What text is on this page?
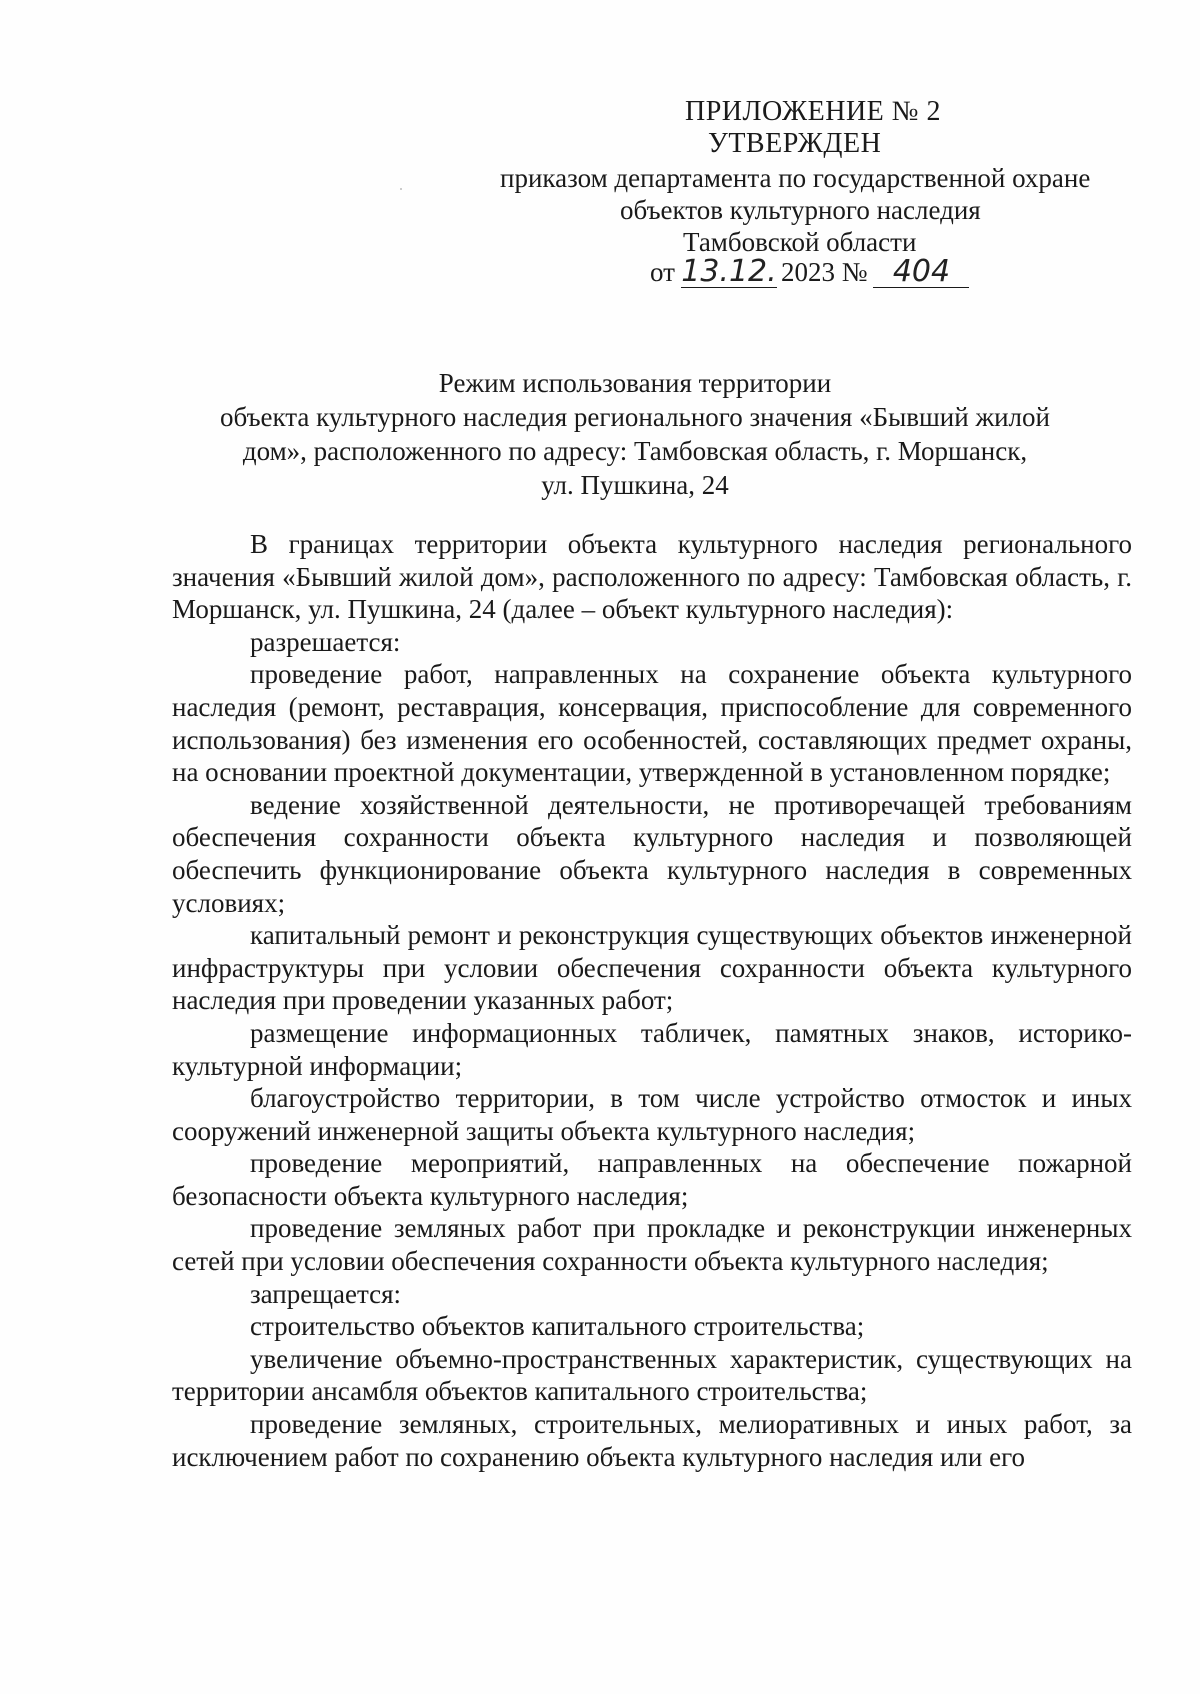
ПРИЛОЖЕНИЕ № 2
УТВЕРЖДЕН
приказом департамента по государственной охране
объектов культурного наследия
Тамбовской области
от 13.12. 2023 № 404
Режим использования территории
объекта культурного наследия регионального значения «Бывший жилой
дом», расположенного по адресу: Тамбовская область, г. Моршанск,
ул. Пушкина, 24

В границах территории объекта культурного наследия регионального значения «Бывший жилой дом», расположенного по адресу: Тамбовская область, г. Моршанск, ул. Пушкина, 24 (далее – объект культурного наследия):

разрешается:

проведение работ, направленных на сохранение объекта культурного наследия (ремонт, реставрация, консервация, приспособление для современного использования) без изменения его особенностей, составляющих предмет охраны, на основании проектной документации, утвержденной в установленном порядке;

ведение хозяйственной деятельности, не противоречащей требованиям обеспечения сохранности объекта культурного наследия и позволяющей обеспечить функционирование объекта культурного наследия в современных условиях;

капитальный ремонт и реконструкция существующих объектов инженерной инфраструктуры при условии обеспечения сохранности объекта культурного наследия при проведении указанных работ;

размещение информационных табличек, памятных знаков, историко-культурной информации;

благоустройство территории, в том числе устройство отмосток и иных сооружений инженерной защиты объекта культурного наследия;

проведение мероприятий, направленных на обеспечение пожарной безопасности объекта культурного наследия;

проведение земляных работ при прокладке и реконструкции инженерных сетей при условии обеспечения сохранности объекта культурного наследия;

запрещается:

строительство объектов капитального строительства;

увеличение объемно-пространственных характеристик, существующих на территории ансамбля объектов капитального строительства;

проведение земляных, строительных, мелиоративных и иных работ, за исключением работ по сохранению объекта культурного наследия или его
